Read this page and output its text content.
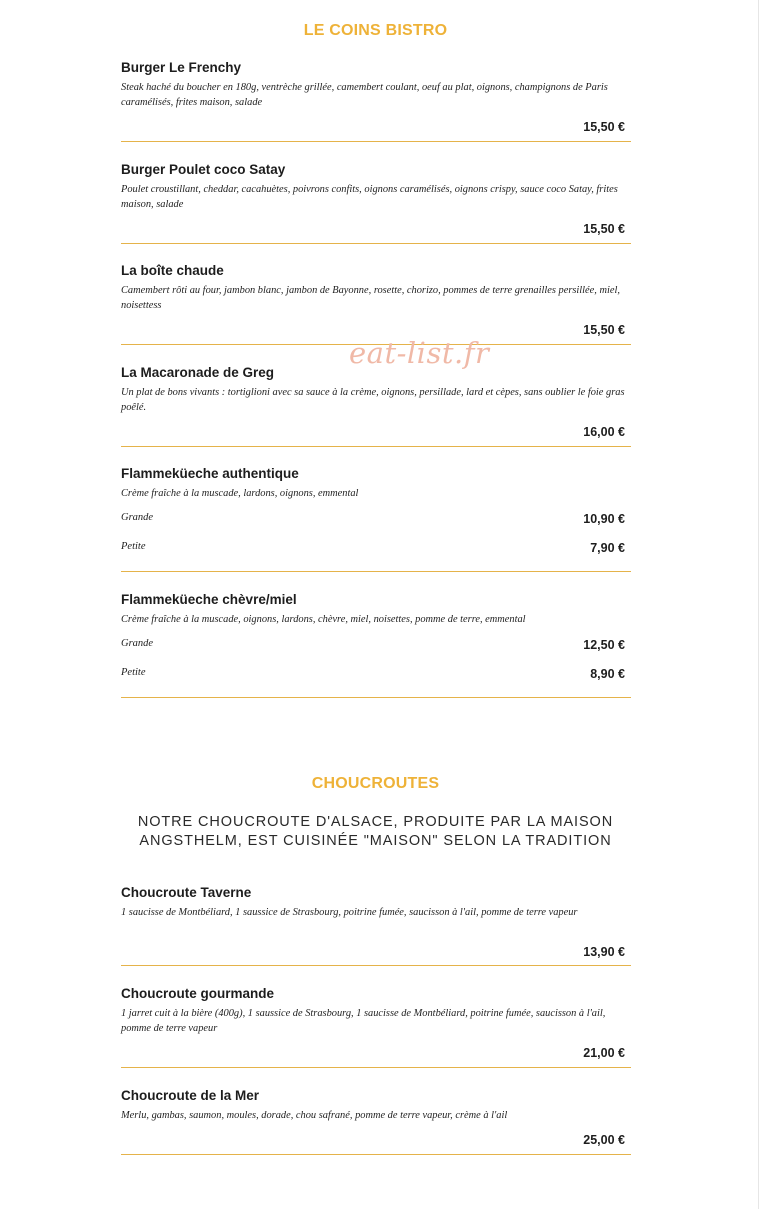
LE COINS BISTRO
Burger Le Frenchy
Steak haché du boucher en 180g, ventrèche grillée, camembert coulant, oeuf au plat, oignons, champignons de Paris caramélisés, frites maison, salade
15,50 €
Burger Poulet coco Satay
Poulet croustillant, cheddar, cacahuètes, poivrons confits, oignons caramélisés, oignons crispy, sauce coco Satay, frites maison, salade
15,50 €
La boîte chaude
Camembert rôti au four, jambon blanc, jambon de Bayonne, rosette, chorizo, pommes de terre grenailles persillée, miel, noisettess
15,50 €
La Macaronade de Greg
Un plat de bons vivants : tortiglioni avec sa sauce à la crème, oignons, persillade, lard et cèpes, sans oublier le foie gras poêlé.
16,00 €
Flammeküeche authentique
Crème fraîche à la muscade, lardons, oignons, emmental
Grande	10,90 €
Petite	7,90 €
Flammeküeche chèvre/miel
Crème fraîche à la muscade, oignons, lardons, chèvre, miel, noisettes, pomme de terre, emmental
Grande	12,50 €
Petite	8,90 €
eat-list.fr
CHOUCROUTES
NOTRE CHOUCROUTE D'ALSACE, PRODUITE PAR LA MAISON
ANGSTHELM, EST CUISINÉE "MAISON" SELON LA TRADITION
Choucroute Taverne
1 saucisse de Montbéliard, 1 saussice de Strasbourg, poitrine fumée, saucisson à l'ail, pomme de terre vapeur
13,90 €
Choucroute gourmande
1 jarret cuit à la bière (400g), 1 saussice de Strasbourg, 1 saucisse de Montbéliard, poitrine fumée, saucisson à l'ail, pomme de terre vapeur
21,00 €
Choucroute de la Mer
Merlu, gambas, saumon, moules, dorade, chou safrané, pomme de terre vapeur, crème à l'ail
25,00 €
